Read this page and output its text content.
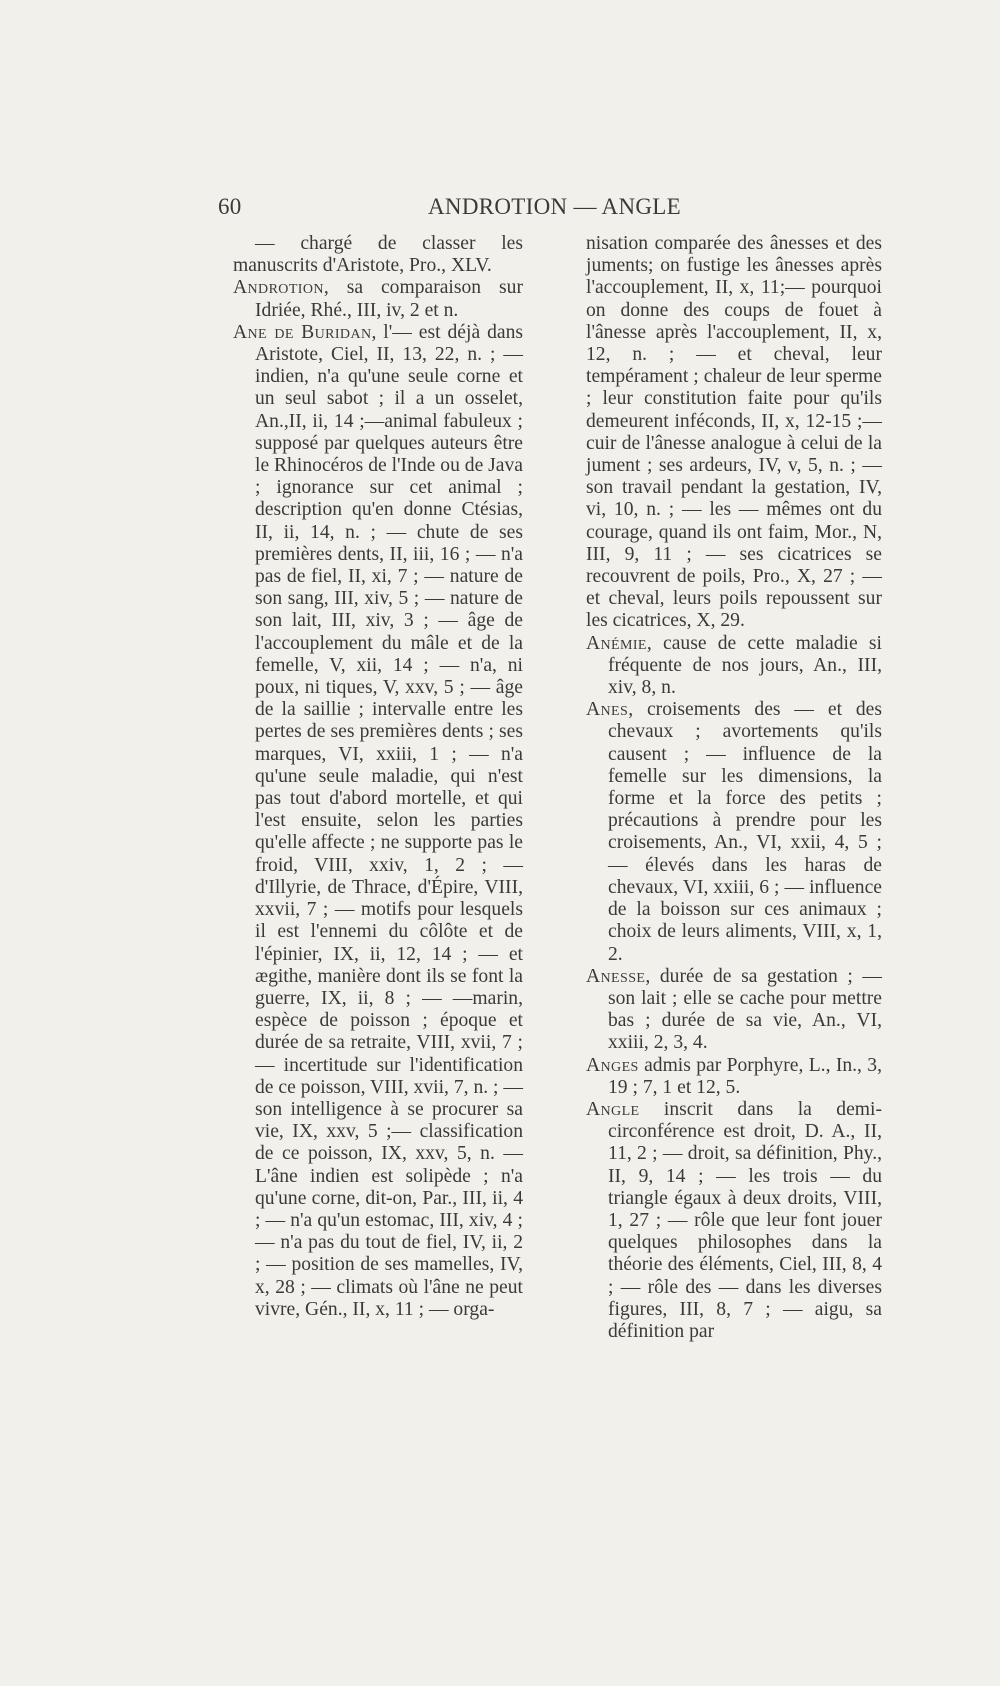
60	ANDROTION — ANGLE

— chargé de classer les manuscrits d'Aristote, Pro., XLV.

Androtion, sa comparaison sur Idriée, Rhé., III, iv, 2 et n.

Ane de Buridan, l'— est déjà dans Aristote, Ciel, II, 13, 22, n. ; — indien, n'a qu'une seule corne et un seul sabot ; il a un osselet, An.,II, ii, 14 ;—animal fabuleux ; supposé par quelques auteurs être le Rhinocéros de l'Inde ou de Java ; ignorance sur cet animal ; description qu'en donne Ctésias, II, ii, 14, n. ; — chute de ses premières dents, II, iii, 16 ; — n'a pas de fiel, II, xi, 7 ; — nature de son sang, III, xiv, 5 ; — nature de son lait, III, xiv, 3 ; — âge de l'accouplement du mâle et de la femelle, V, xii, 14 ; — n'a, ni poux, ni tiques, V, xxv, 5 ; — âge de la saillie ; intervalle entre les pertes de ses premières dents ; ses marques, VI, xxiii, 1 ; — n'a qu'une seule maladie, qui n'est pas tout d'abord mortelle, et qui l'est ensuite, selon les parties qu'elle affecte ; ne supporte pas le froid, VIII, xxiv, 1, 2 ; — d'Illyrie, de Thrace, d'Épire, VIII, xxvii, 7 ; — motifs pour lesquels il est l'ennemi du côlôte et de l'épinier, IX, ii, 12, 14 ; — et ægithe, manière dont ils se font la guerre, IX, ii, 8 ; — —marin, espèce de poisson ; époque et durée de sa retraite, VIII, xvii, 7 ; — incertitude sur l'identification de ce poisson, VIII, xvii, 7, n. ; — son intelligence à se procurer sa vie, IX, xxv, 5 ;— classification de ce poisson, IX, xxv, 5, n. — L'âne indien est solipède ; n'a qu'une corne, dit-on, Par., III, ii, 4 ; — n'a qu'un estomac, III, xiv, 4 ; — n'a pas du tout de fiel, IV, ii, 2 ; — position de ses mamelles, IV, x, 28 ; — climats où l'âne ne peut vivre, Gén., II, x, 11 ; — orga-

nisation comparée des ânesses et des juments; on fustige les ânesses après l'accouplement, II, x, 11;— pourquoi on donne des coups de fouet à l'ânesse après l'accouplement, II, x, 12, n. ; — et cheval, leur tempérament ; chaleur de leur sperme ; leur constitution faite pour qu'ils demeurent inféconds, II, x, 12-15 ;—cuir de l'ânesse analogue à celui de la jument ; ses ardeurs, IV, v, 5, n. ; — son travail pendant la gestation, IV, vi, 10, n. ; — les — mêmes ont du courage, quand ils ont faim, Mor., N, III, 9, 11 ; — ses cicatrices se recouvrent de poils, Pro., X, 27 ; — et cheval, leurs poils repoussent sur les cicatrices, X, 29.

Anémie, cause de cette maladie si fréquente de nos jours, An., III, xiv, 8, n.

Anes, croisements des — et des chevaux ; avortements qu'ils causent ; — influence de la femelle sur les dimensions, la forme et la force des petits ; précautions à prendre pour les croisements, An., VI, xxii, 4, 5 ; — élevés dans les haras de chevaux, VI, xxiii, 6 ; — influence de la boisson sur ces animaux ; choix de leurs aliments, VIII, x, 1, 2.

Anesse, durée de sa gestation ; — son lait ; elle se cache pour mettre bas ; durée de sa vie, An., VI, xxiii, 2, 3, 4.

Anges admis par Porphyre, L., In., 3, 19 ; 7, 1 et 12, 5.

Angle inscrit dans la demi-circonférence est droit, D. A., II, 11, 2 ; — droit, sa définition, Phy., II, 9, 14 ; — les trois — du triangle égaux à deux droits, VIII, 1, 27 ; — rôle que leur font jouer quelques philosophes dans la théorie des éléments, Ciel, III, 8, 4 ; — rôle des — dans les diverses figures, III, 8, 7 ; — aigu, sa définition par
